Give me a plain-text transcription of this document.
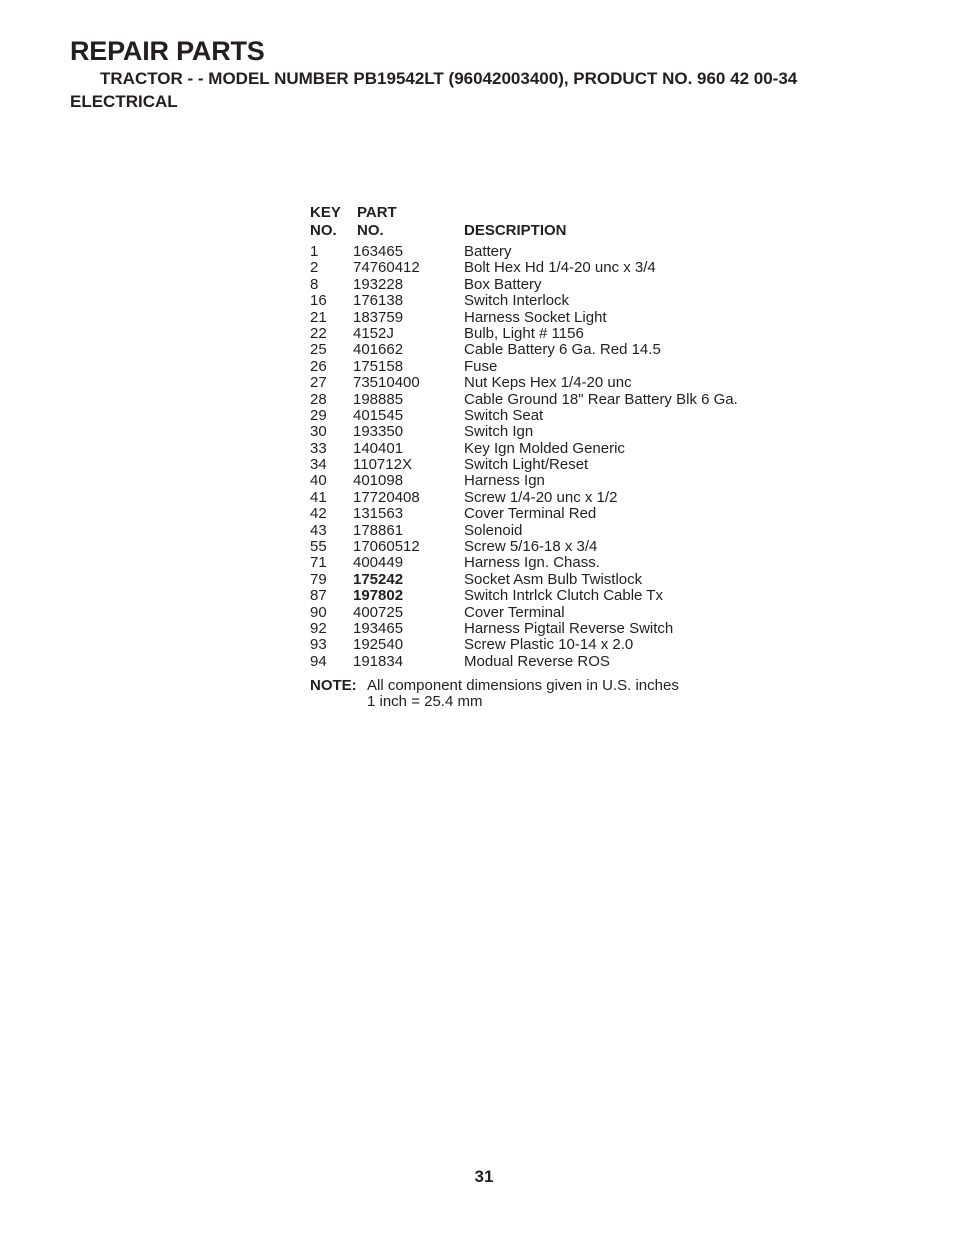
REPAIR PARTS
TRACTOR - - MODEL NUMBER PB19542LT (96042003400), PRODUCT NO. 960 42 00-34
ELECTRICAL
KEY PART
NO. NO.	DESCRIPTION
1 163465	Battery
2 74760412	Bolt Hex Hd 1/4-20 unc x 3/4
8 193228	Box Battery
16 176138	Switch Interlock
21 183759	Harness Socket Light
22 4152J	Bulb, Light # 1156
25 401662	Cable Battery 6 Ga. Red 14.5
26 175158	Fuse
27 73510400	Nut Keps Hex 1/4-20 unc
28 198885	Cable Ground 18" Rear Battery Blk 6 Ga.
29 401545	Switch Seat
30 193350	Switch Ign
33 140401	Key Ign Molded Generic
34 110712X	Switch Light/Reset
40 401098	Harness Ign
41 17720408	Screw 1/4-20 unc x 1/2
42 131563	Cover Terminal Red
43 178861	Solenoid
55 17060512	Screw 5/16-18 x 3/4
71 400449	Harness Ign. Chass.
79 175242	Socket Asm Bulb Twistlock
87 197802	Switch Intrlck Clutch Cable Tx
90 400725	Cover Terminal
92 193465	Harness Pigtail Reverse Switch
93 192540	Screw Plastic 10-14 x 2.0
94 191834	Modual Reverse ROS
NOTE: All component dimensions given in U.S. inches
1 inch = 25.4 mm
31
